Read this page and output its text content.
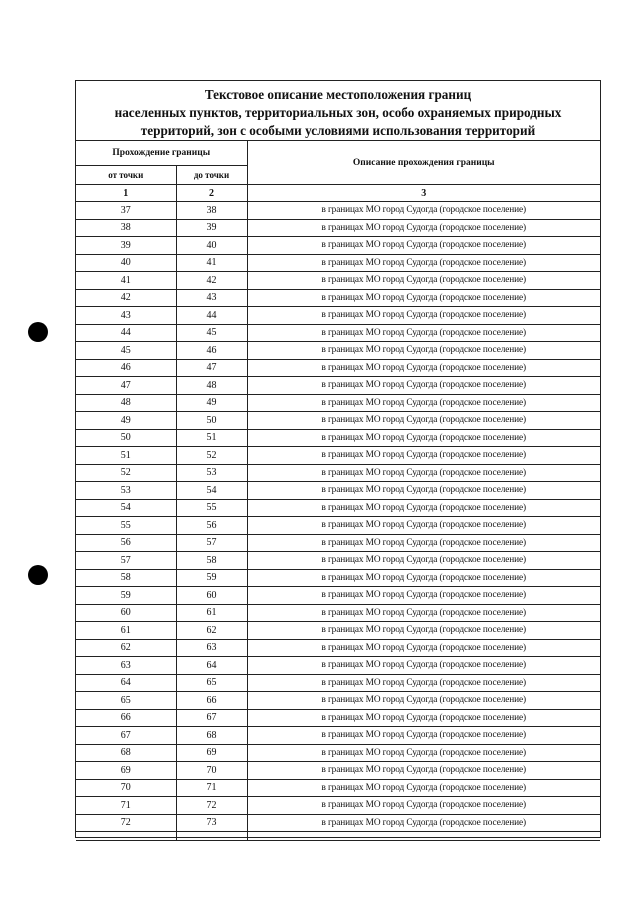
Текстовое описание местоположения границ
населенных пунктов, территориальных зон, особо охраняемых природных
территорий, зон с особыми условиями использования территорий
Прохождение границы		Описание прохождения границы
от точки	до точки	
1	2	3
37	38	в границах МО город Судогда (городское поселение)
38	39	в границах МО город Судогда (городское поселение)
39	40	в границах МО город Судогда (городское поселение)
40	41	в границах МО город Судогда (городское поселение)
41	42	в границах МО город Судогда (городское поселение)
42	43	в границах МО город Судогда (городское поселение)
43	44	в границах МО город Судогда (городское поселение)
44	45	в границах МО город Судогда (городское поселение)
45	46	в границах МО город Судогда (городское поселение)
46	47	в границах МО город Судогда (городское поселение)
47	48	в границах МО город Судогда (городское поселение)
48	49	в границах МО город Судогда (городское поселение)
49	50	в границах МО город Судогда (городское поселение)
50	51	в границах МО город Судогда (городское поселение)
51	52	в границах МО город Судогда (городское поселение)
52	53	в границах МО город Судогда (городское поселение)
53	54	в границах МО город Судогда (городское поселение)
54	55	в границах МО город Судогда (городское поселение)
55	56	в границах МО город Судогда (городское поселение)
56	57	в границах МО город Судогда (городское поселение)
57	58	в границах МО город Судогда (городское поселение)
58	59	в границах МО город Судогда (городское поселение)
59	60	в границах МО город Судогда (городское поселение)
60	61	в границах МО город Судогда (городское поселение)
61	62	в границах МО город Судогда (городское поселение)
62	63	в границах МО город Судогда (городское поселение)
63	64	в границах МО город Судогда (городское поселение)
64	65	в границах МО город Судогда (городское поселение)
65	66	в границах МО город Судогда (городское поселение)
66	67	в границах МО город Судогда (городское поселение)
67	68	в границах МО город Судогда (городское поселение)
68	69	в границах МО город Судогда (городское поселение)
69	70	в границах МО город Судогда (городское поселение)
70	71	в границах МО город Судогда (городское поселение)
71	72	в границах МО город Судогда (городское поселение)
72	73	в границах МО город Судогда (городское поселение)
